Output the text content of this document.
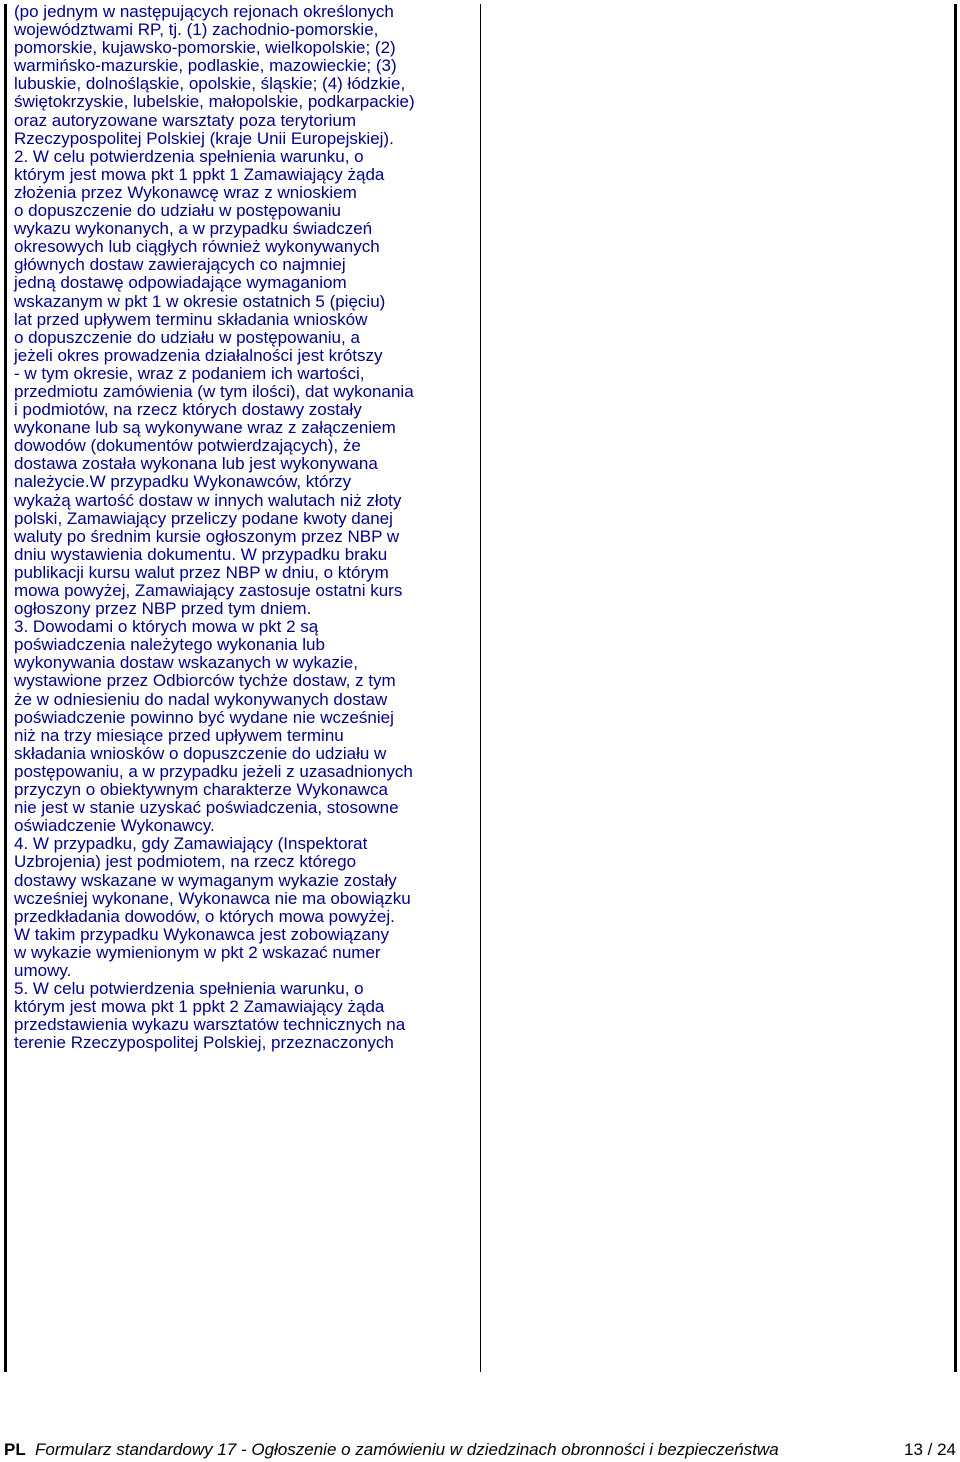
(po jednym w następujących rejonach określonych
województwami RP, tj. (1) zachodnio-pomorskie,
pomorskie, kujawsko-pomorskie, wielkopolskie; (2)
warmińsko-mazurskie, podlaskie, mazowieckie; (3)
lubuskie, dolnośląskie, opolskie, śląskie; (4) łódzkie,
świętokrzyskie, lubelskie, małopolskie, podkarpackie)
oraz autoryzowane warsztaty poza terytorium
Rzeczypospolitej Polskiej (kraje Unii Europejskiej).

2. W celu potwierdzenia spełnienia warunku, o
którym jest mowa pkt 1 ppkt 1 Zamawiający żąda
złożenia przez Wykonawcę wraz z wnioskiem
o dopuszczenie do udziału w postępowaniu
wykazu wykonanych, a w przypadku świadczeń
okresowych lub ciągłych również wykonywanych
głównych dostaw zawierających co najmniej
jedną dostawę odpowiadające wymaganiom
wskazanym w pkt 1 w okresie ostatnich 5 (pięciu)
lat przed upływem terminu składania wniosków
o dopuszczenie do udziału w postępowaniu, a
jeżeli okres prowadzenia działalności jest krótszy
- w tym okresie, wraz z podaniem ich wartości,
przedmiotu zamówienia (w tym ilości), dat wykonania
i podmiotów, na rzecz których dostawy zostały
wykonane lub są wykonywane wraz z załączeniem
dowodów (dokumentów potwierdzających), że
dostawa została wykonana lub jest wykonywana
należycie.W przypadku Wykonawców, którzy
wykażą wartość dostaw w innych walutach niż złoty
polski, Zamawiający przeliczy podane kwoty danej
waluty po średnim kursie ogłoszonym przez NBP w
dniu wystawienia dokumentu. W przypadku braku
publikacji kursu walut przez NBP w dniu, o którym
mowa powyżej, Zamawiający zastosuje ostatni kurs
ogłoszony przez NBP przed tym dniem.

3. Dowodami o których mowa w pkt 2 są
poświadczenia należytego wykonania lub
wykonywania dostaw wskazanych w wykazie,
wystawione przez Odbiorców tychże dostaw, z tym
że w odniesieniu do nadal wykonywanych dostaw
poświadczenie powinno być wydane nie wcześniej
niż na trzy miesiące przed upływem terminu
składania wniosków o dopuszczenie do udziału w
postępowaniu, a w przypadku jeżeli z uzasadnionych
przyczyn o obiektywnym charakterze Wykonawca
nie jest w stanie uzyskać poświadczenia, stosowne
oświadczenie Wykonawcy.

4. W przypadku, gdy Zamawiający (Inspektorat
Uzbrojenia) jest podmiotem, na rzecz którego
dostawy wskazane w wymaganym wykazie zostały
wcześniej wykonane, Wykonawca nie ma obowiązku
przedkładania dowodów, o których mowa powyżej.
W takim przypadku Wykonawca jest zobowiązany
w wykazie wymienionym w pkt 2 wskazać numer
umowy.

5. W celu potwierdzenia spełnienia warunku, o
którym jest mowa pkt 1 ppkt 2 Zamawiający żąda
przedstawienia wykazu warsztatów technicznych na
terenie Rzeczypospolitej Polskiej, przeznaczonych

PL Formularz standardowy 17 - Ogłoszenie o zamówieniu w dziedzinach obronności i bezpieczeństwa	13 / 24
